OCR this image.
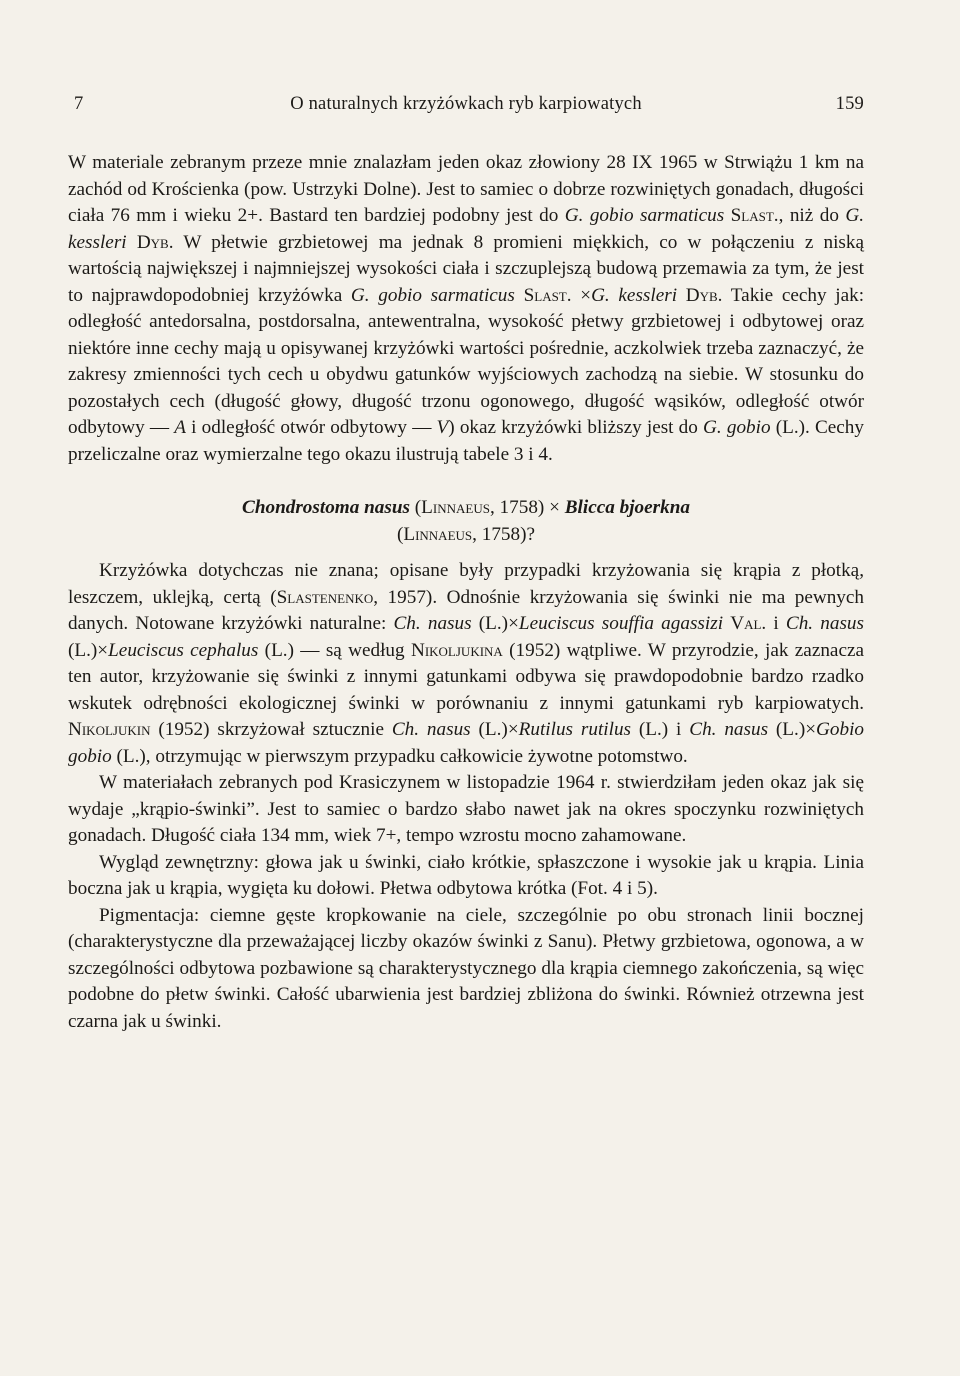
7	O naturalnych krzyżówkach ryb karpiowatych	159

W materiale zebranym przeze mnie znalazłam jeden okaz złowiony 28 IX 1965 w Strwiążu 1 km na zachód od Krościenka (pow. Ustrzyki Dolne). Jest to samiec o dobrze rozwiniętych gonadach, długości ciała 76 mm i wieku 2+. Bastard ten bardziej podobny jest do G. gobio sarmaticus Slast., niż do G. kessleri Dyb. W płetwie grzbietowej ma jednak 8 promieni miękkich, co w połączeniu z niską wartością największej i najmniejszej wysokości ciała i szczuplejszą budową przemawia za tym, że jest to najprawdopodobniej krzyżówka G. gobio sarmaticus Slast. ×G. kessleri Dyb. Takie cechy jak: odległość antedorsalna, postdorsalna, antewentralna, wysokość płetwy grzbietowej i odbytowej oraz niektóre inne cechy mają u opisywanej krzyżówki wartości pośrednie, aczkolwiek trzeba zaznaczyć, że zakresy zmienności tych cech u obydwu gatunków wyjściowych zachodzą na siebie. W stosunku do pozostałych cech (długość głowy, długość trzonu ogonowego, długość wąsików, odległość otwór odbytowy — A i odległość otwór odbytowy — V) okaz krzyżówki bliższy jest do G. gobio (L.). Cechy przeliczalne oraz wymierzalne tego okazu ilustrują tabele 3 i 4.

Chondrostoma nasus (Linnaeus, 1758) × Blicca bjoerkna
(Linnaeus, 1758)?

Krzyżówka dotychczas nie znana; opisane były przypadki krzyżowania się krąpia z płotką, leszczem, uklejką, certą (Slastenenko, 1957). Odnośnie krzyżowania się świnki nie ma pewnych danych. Notowane krzyżówki naturalne: Ch. nasus (L.)×Leuciscus souffia agassizi Val. i Ch. nasus (L.)×Leuciscus cephalus (L.) — są według Nikoljukina (1952) wątpliwe. W przyrodzie, jak zaznacza ten autor, krzyżowanie się świnki z innymi gatunkami odbywa się prawdopodobnie bardzo rzadko wskutek odrębności ekologicznej świnki w porównaniu z innymi gatunkami ryb karpiowatych. Nikoljukin (1952) skrzyżował sztucznie Ch. nasus (L.)×Rutilus rutilus (L.) i Ch. nasus (L.)×Gobio gobio (L.), otrzymując w pierwszym przypadku całkowicie żywotne potomstwo.

W materiałach zebranych pod Krasiczynem w listopadzie 1964 r. stwierdziłam jeden okaz jak się wydaje „krąpio-świnki”. Jest to samiec o bardzo słabo nawet jak na okres spoczynku rozwiniętych gonadach. Długość ciała 134 mm, wiek 7+, tempo wzrostu mocno zahamowane.

Wygląd zewnętrzny: głowa jak u świnki, ciało krótkie, spłaszczone i wysokie jak u krąpia. Linia boczna jak u krąpia, wygięta ku dołowi. Płetwa odbytowa krótka (Fot. 4 i 5).

Pigmentacja: ciemne gęste kropkowanie na ciele, szczególnie po obu stronach linii bocznej (charakterystyczne dla przeważającej liczby okazów świnki z Sanu). Płetwy grzbietowa, ogonowa, a w szczególności odbytowa pozbawione są charakterystycznego dla krąpia ciemnego zakończenia, są więc podobne do płetw świnki. Całość ubarwienia jest bardziej zbliżona do świnki. Również otrzewna jest czarna jak u świnki.
